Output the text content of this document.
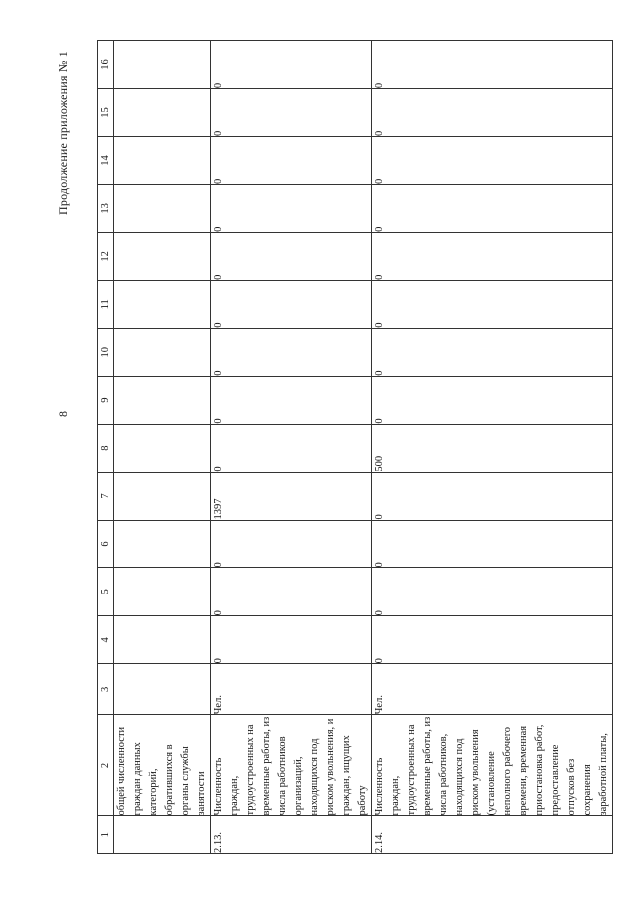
Продолжение приложения № 1
8
1	2	3	4	5	6	7	8	9	10	11	12	13	14	15	16
	общей численности граждан данных категорий, обратившихся в органы службы занятости														
2.13.	Численность граждан, трудоустроенных на временные работы, из числа работников организаций, находящихся под риском увольнения, и граждан, ищущих работу	Чел.	0	0	0	1397	0	0	0	0	0	0	0	0	0
2.14.	Численность граждан, трудоустроенных на временные работы, из числа работников, находящихся под риском увольнения (установление неполного рабочего времени, временная приостановка работ, предоставление отпусков без сохранения заработной платы,	Чел.	0	0	0	0	500	0	0	0	0	0	0	0	0
